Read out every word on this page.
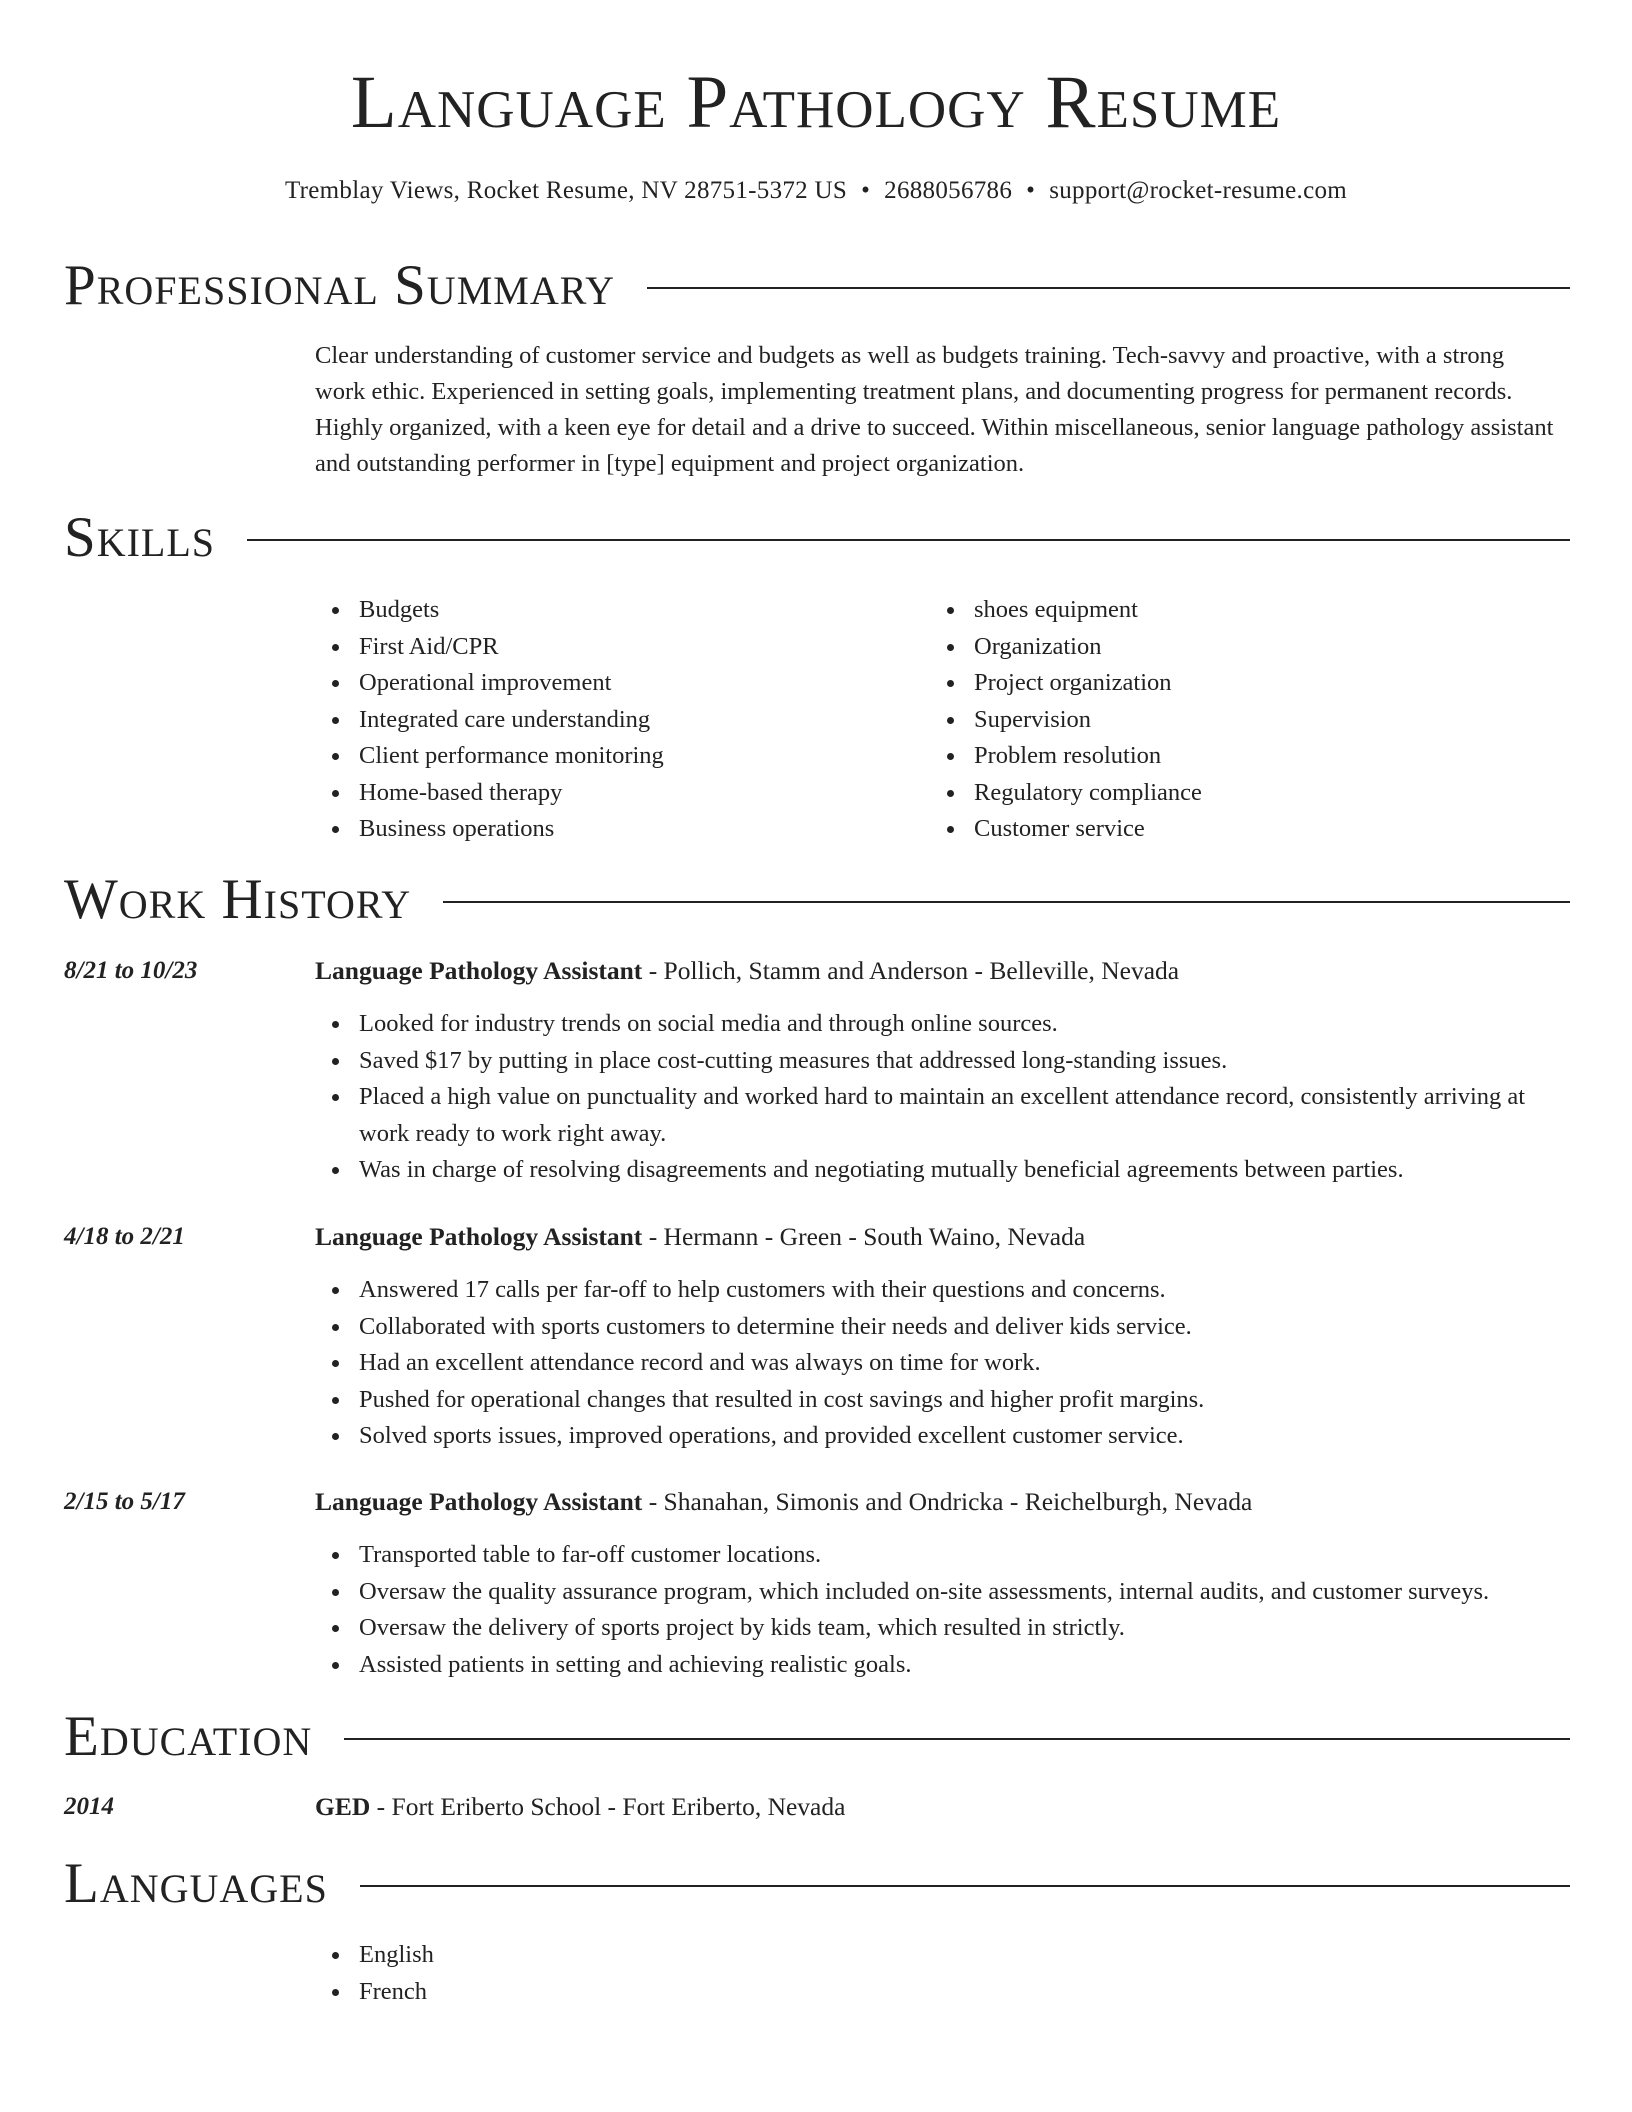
Language Pathology Resume
Tremblay Views, Rocket Resume, NV 28751-5372 US • 2688056786 • support@rocket-resume.com
Professional Summary

Clear understanding of customer service and budgets as well as budgets training. Tech-savvy and proactive, with a strong work ethic. Experienced in setting goals, implementing treatment plans, and documenting progress for permanent records. Highly organized, with a keen eye for detail and a drive to succeed. Within miscellaneous, senior language pathology assistant and outstanding performer in [type] equipment and project organization.

Skills
Budgets
First Aid/CPR
Operational improvement
Integrated care understanding
Client performance monitoring
Home-based therapy
Business operations
shoes equipment
Organization
Project organization
Supervision
Problem resolution
Regulatory compliance
Customer service
Work History
8/21 to 10/23	Language Pathology Assistant - Pollich, Stamm and Anderson - Belleville, Nevada
Looked for industry trends on social media and through online sources.
Saved $17 by putting in place cost-cutting measures that addressed long-standing issues.
Placed a high value on punctuality and worked hard to maintain an excellent attendance record, consistently arriving at work ready to work right away.
Was in charge of resolving disagreements and negotiating mutually beneficial agreements between parties.
4/18 to 2/21	Language Pathology Assistant - Hermann - Green - South Waino, Nevada
Answered 17 calls per far-off to help customers with their questions and concerns.
Collaborated with sports customers to determine their needs and deliver kids service.
Had an excellent attendance record and was always on time for work.
Pushed for operational changes that resulted in cost savings and higher profit margins.
Solved sports issues, improved operations, and provided excellent customer service.
2/15 to 5/17	Language Pathology Assistant - Shanahan, Simonis and Ondricka - Reichelburgh, Nevada
Transported table to far-off customer locations.
Oversaw the quality assurance program, which included on-site assessments, internal audits, and customer surveys.
Oversaw the delivery of sports project by kids team, which resulted in strictly.
Assisted patients in setting and achieving realistic goals.
Education
2014	GED - Fort Eriberto School - Fort Eriberto, Nevada
Languages
English
French
